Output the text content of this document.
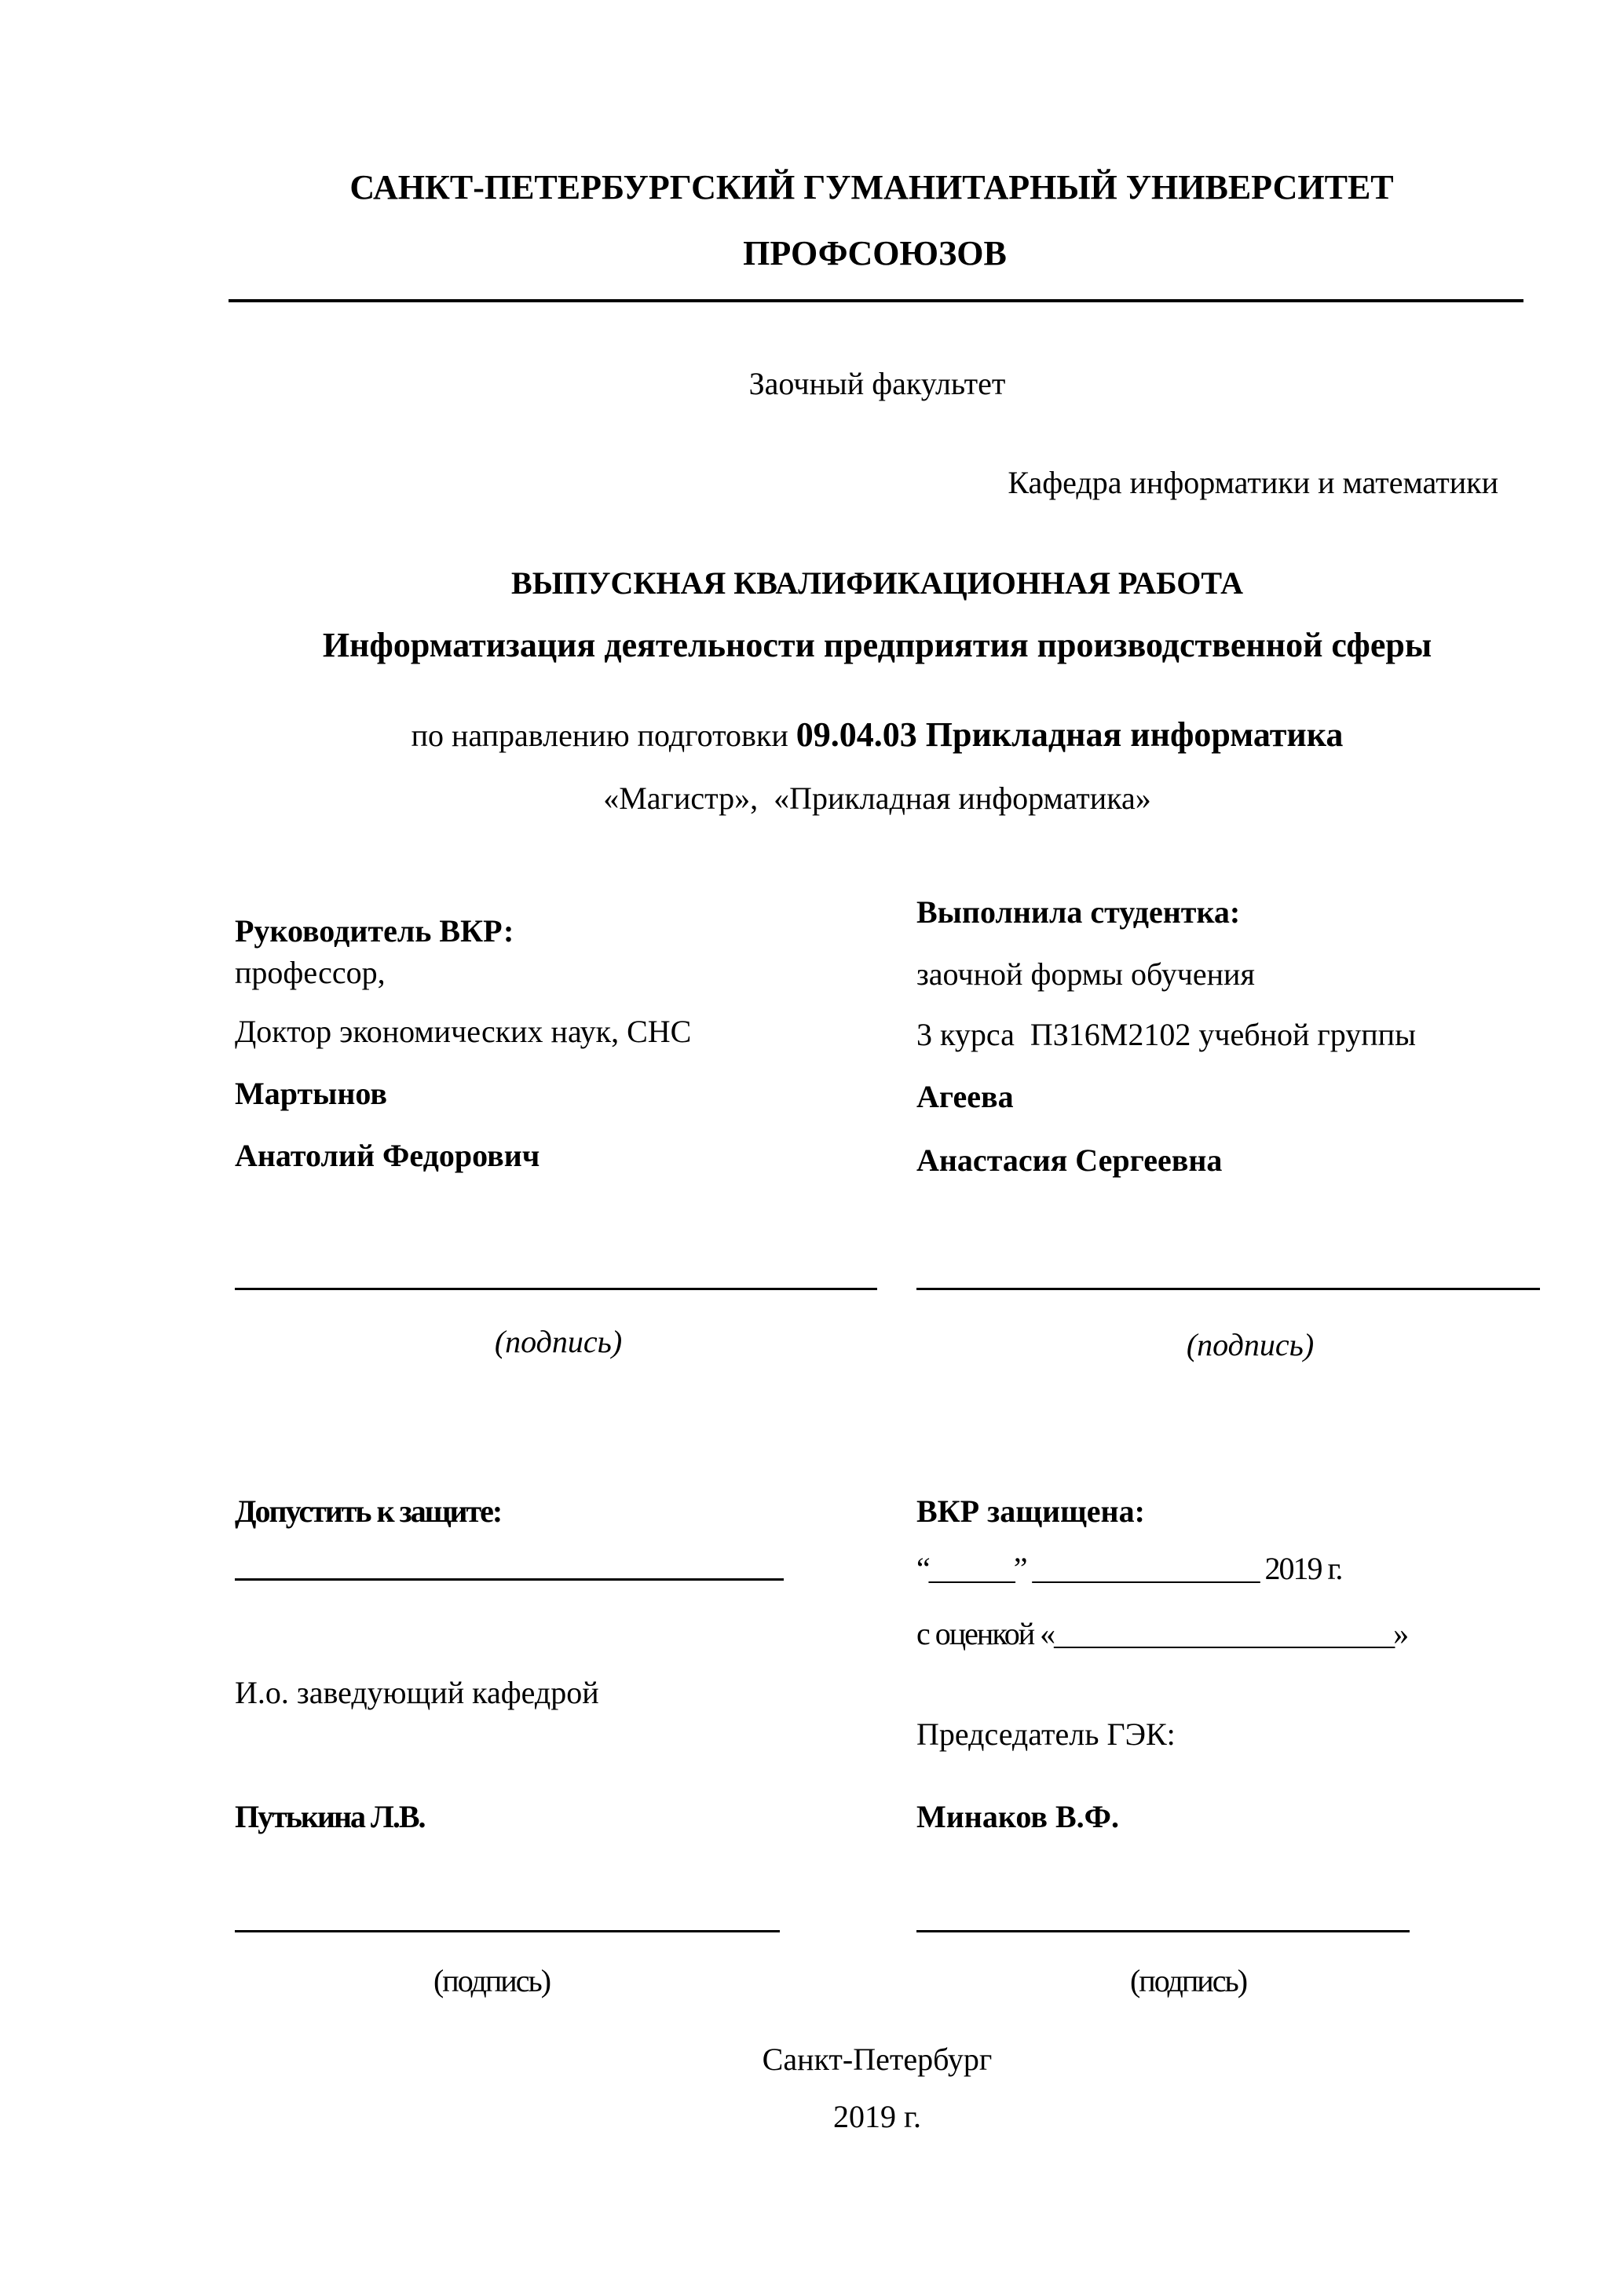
САНКТ-ПЕТЕРБУРГСКИЙ ГУМАНИТАРНЫЙ УНИВЕРСИТЕТ
ПРОФСОЮЗОВ
Заочный факультет
Кафедра информатики и математики
ВЫПУСКНАЯ КВАЛИФИКАЦИОННАЯ РАБОТА
Информатизация деятельности предприятия производственной сферы
по направлению подготовки 09.04.03 Прикладная информатика
«Магистр»,  «Прикладная информатика»
Руководитель ВКР:
профессор,
Доктор экономических наук, СНС
Мартынов
Анатолий Федорович
(подпись)
Выполнила студентка:
заочной формы обучения
3 курса  ПЗ16М2102 учебной группы
Агеева
Анастасия Сергеевна
(подпись)
Допустить к защите:
И.о. заведующий кафедрой
Путькина Л.В.
(подпись)
ВКР защищена:
“______” ________________ 2019 г.
с оценкой «________________________»
Председатель ГЭК:
Минаков В.Ф.
(подпись)
Санкт-Петербург
2019 г.
